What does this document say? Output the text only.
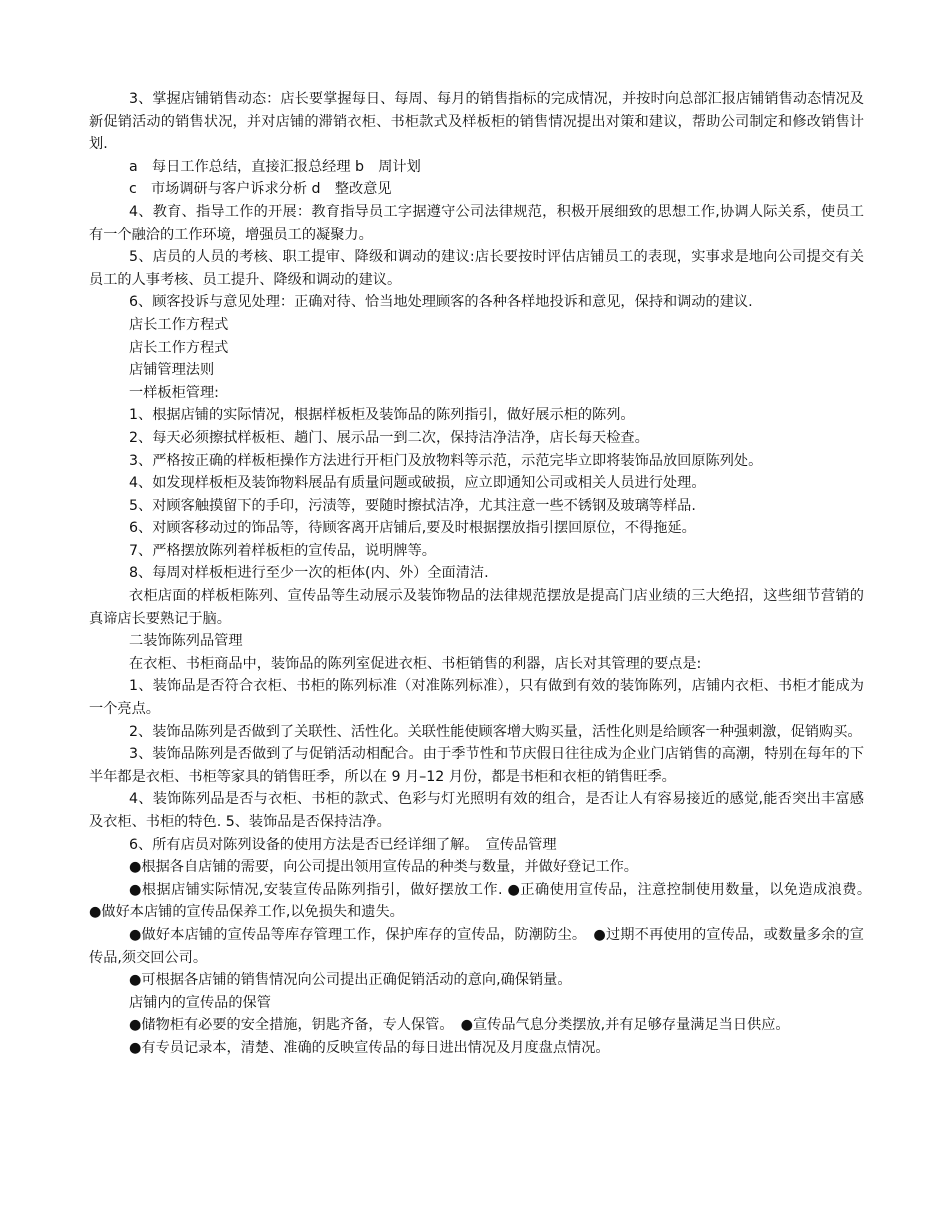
3、掌握店铺销售动态：店长要掌握每日、每周、每月的销售指标的完成情况，并按时向总部汇报店铺销售动态情况及新促销活动的销售状况，并对店铺的滞销衣柜、书柜款式及样板柜的销售情况提出对策和建议，帮助公司制定和修改销售计划.

a　每日工作总结，直接汇报总经理 b　周计划

c　市场调研与客户诉求分析 d　整改意见

4、教育、指导工作的开展：教育指导员工字据遵守公司法律规范，积极开展细致的思想工作,协调人际关系，使员工有一个融洽的工作环境，增强员工的凝聚力。

5、店员的人员的考核、职工提审、降级和调动的建议:店长要按时评估店铺员工的表现，实事求是地向公司提交有关员工的人事考核、员工提升、降级和调动的建议。

6、顾客投诉与意见处理：正确对待、恰当地处理顾客的各种各样地投诉和意见，保持和调动的建议.

店长工作方程式

店长工作方程式

店铺管理法则

一样板柜管理:

1、根据店铺的实际情况，根据样板柜及装饰品的陈列指引，做好展示柜的陈列。

2、每天必须擦拭样板柜、趟门、展示品一到二次，保持洁净洁净，店长每天检查。

3、严格按正确的样板柜操作方法进行开柜门及放物料等示范，示范完毕立即将装饰品放回原陈列处。

4、如发现样板柜及装饰物料展品有质量问题或破损，应立即通知公司或相关人员进行处理。

5、对顾客触摸留下的手印，污渍等，要随时擦拭洁净，尤其注意一些不锈钢及玻璃等样品.

6、对顾客移动过的饰品等，待顾客离开店铺后,要及时根据摆放指引摆回原位，不得拖延。

7、严格摆放陈列着样板柜的宣传品，说明牌等。

8、每周对样板柜进行至少一次的柜体(内、外）全面清洁.

衣柜店面的样板柜陈列、宣传品等生动展示及装饰物品的法律规范摆放是提高门店业绩的三大绝招，这些细节营销的真谛店长要熟记于脑。

二装饰陈列品管理

在衣柜、书柜商品中，装饰品的陈列室促进衣柜、书柜销售的利器，店长对其管理的要点是:

1、装饰品是否符合衣柜、书柜的陈列标准（对准陈列标准），只有做到有效的装饰陈列，店铺内衣柜、书柜才能成为一个亮点。

2、装饰品陈列是否做到了关联性、活性化。关联性能使顾客增大购买量，活性化则是给顾客一种强刺激，促销购买。

3、装饰品陈列是否做到了与促销活动相配合。由于季节性和节庆假日往往成为企业门店销售的高潮，特别在每年的下半年都是衣柜、书柜等家具的销售旺季，所以在 9 月–12 月份，都是书柜和衣柜的销售旺季。

4、装饰陈列品是否与衣柜、书柜的款式、色彩与灯光照明有效的组合，是否让人有容易接近的感觉,能否突出丰富感及衣柜、书柜的特色. 5、装饰品是否保持洁净。

6、所有店员对陈列设备的使用方法是否已经详细了解。　宣传品管理

●根据各自店铺的需要，向公司提出领用宣传品的种类与数量，并做好登记工作。

●根据店铺实际情况,安装宣传品陈列指引，做好摆放工作. ●正确使用宣传品，注意控制使用数量，以免造成浪费。　●做好本店铺的宣传品保养工作,以免损失和遗失。

●做好本店铺的宣传品等库存管理工作，保护库存的宣传品，防潮防尘。　●过期不再使用的宣传品，或数量多余的宣传品,须交回公司。

●可根据各店铺的销售情况向公司提出正确促销活动的意向,确保销量。

店铺内的宣传品的保管

●储物柜有必要的安全措施，钥匙齐备，专人保管。　●宣传品气息分类摆放,并有足够存量满足当日供应。

●有专员记录本，清楚、准确的反映宣传品的每日进出情况及月度盘点情况。
